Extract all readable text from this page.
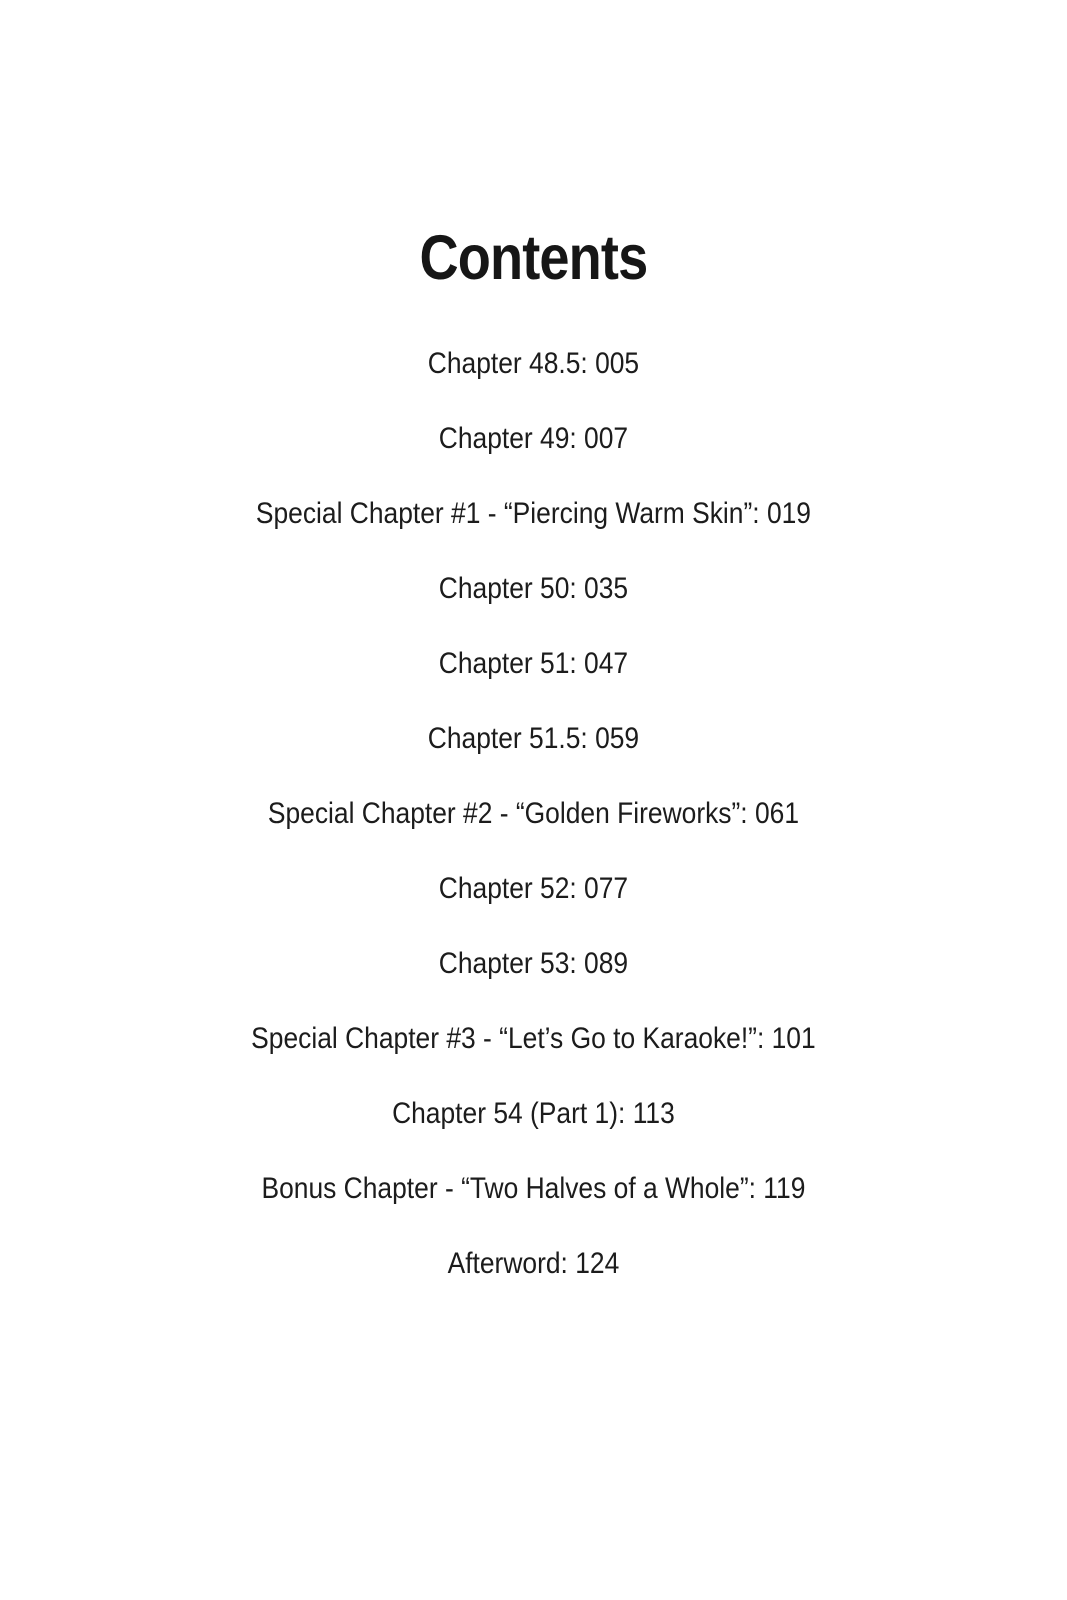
Contents
Chapter 48.5: 005
Chapter 49: 007
Special Chapter #1 - “Piercing Warm Skin”: 019
Chapter 50: 035
Chapter 51: 047
Chapter 51.5: 059
Special Chapter #2 - “Golden Fireworks”: 061
Chapter 52: 077
Chapter 53: 089
Special Chapter #3 - “Let’s Go to Karaoke!”: 101
Chapter 54 (Part 1): 113
Bonus Chapter - “Two Halves of a Whole”: 119
Afterword: 124
